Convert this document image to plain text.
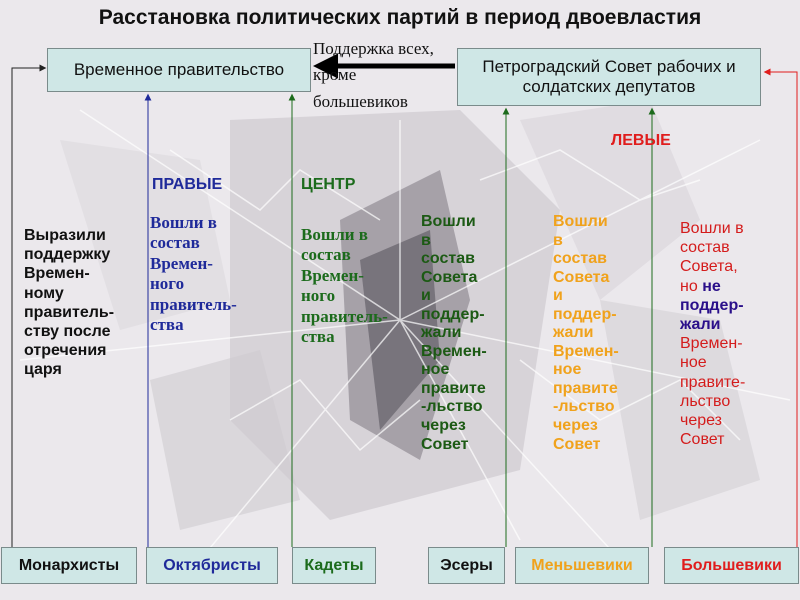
Расстановка политических партий в период двоевластия
Временное правительство	Петроградский Совет рабочих и солдатских депутатов
Поддержка всех, кроме большевиков
ПРАВЫЕ	ЦЕНТР
ЛЕВЫЕ
Выразили
поддержку
Времен-
ному
правитель-
ству после
отречения
царя
Вошли в
состав
Времен-
ного
правитель-
ства
Вошли в
состав
Времен-
ного
правитель-
ства
Вошли
в
состав
Совета
и
поддер-
жали
Времен-
ное
правите
-льство
через
Совет
Вошли
в
состав
Совета
и
поддер-
жали
Времен-
ное
правите
-льство
через
Совет
Вошли в
состав
Совета,
но не
поддер-
жали
Времен-
ное
правите-
льство
через
Совет
Монархисты	Октябристы	Кадеты	Эсеры	Меньшевики	Большевики
